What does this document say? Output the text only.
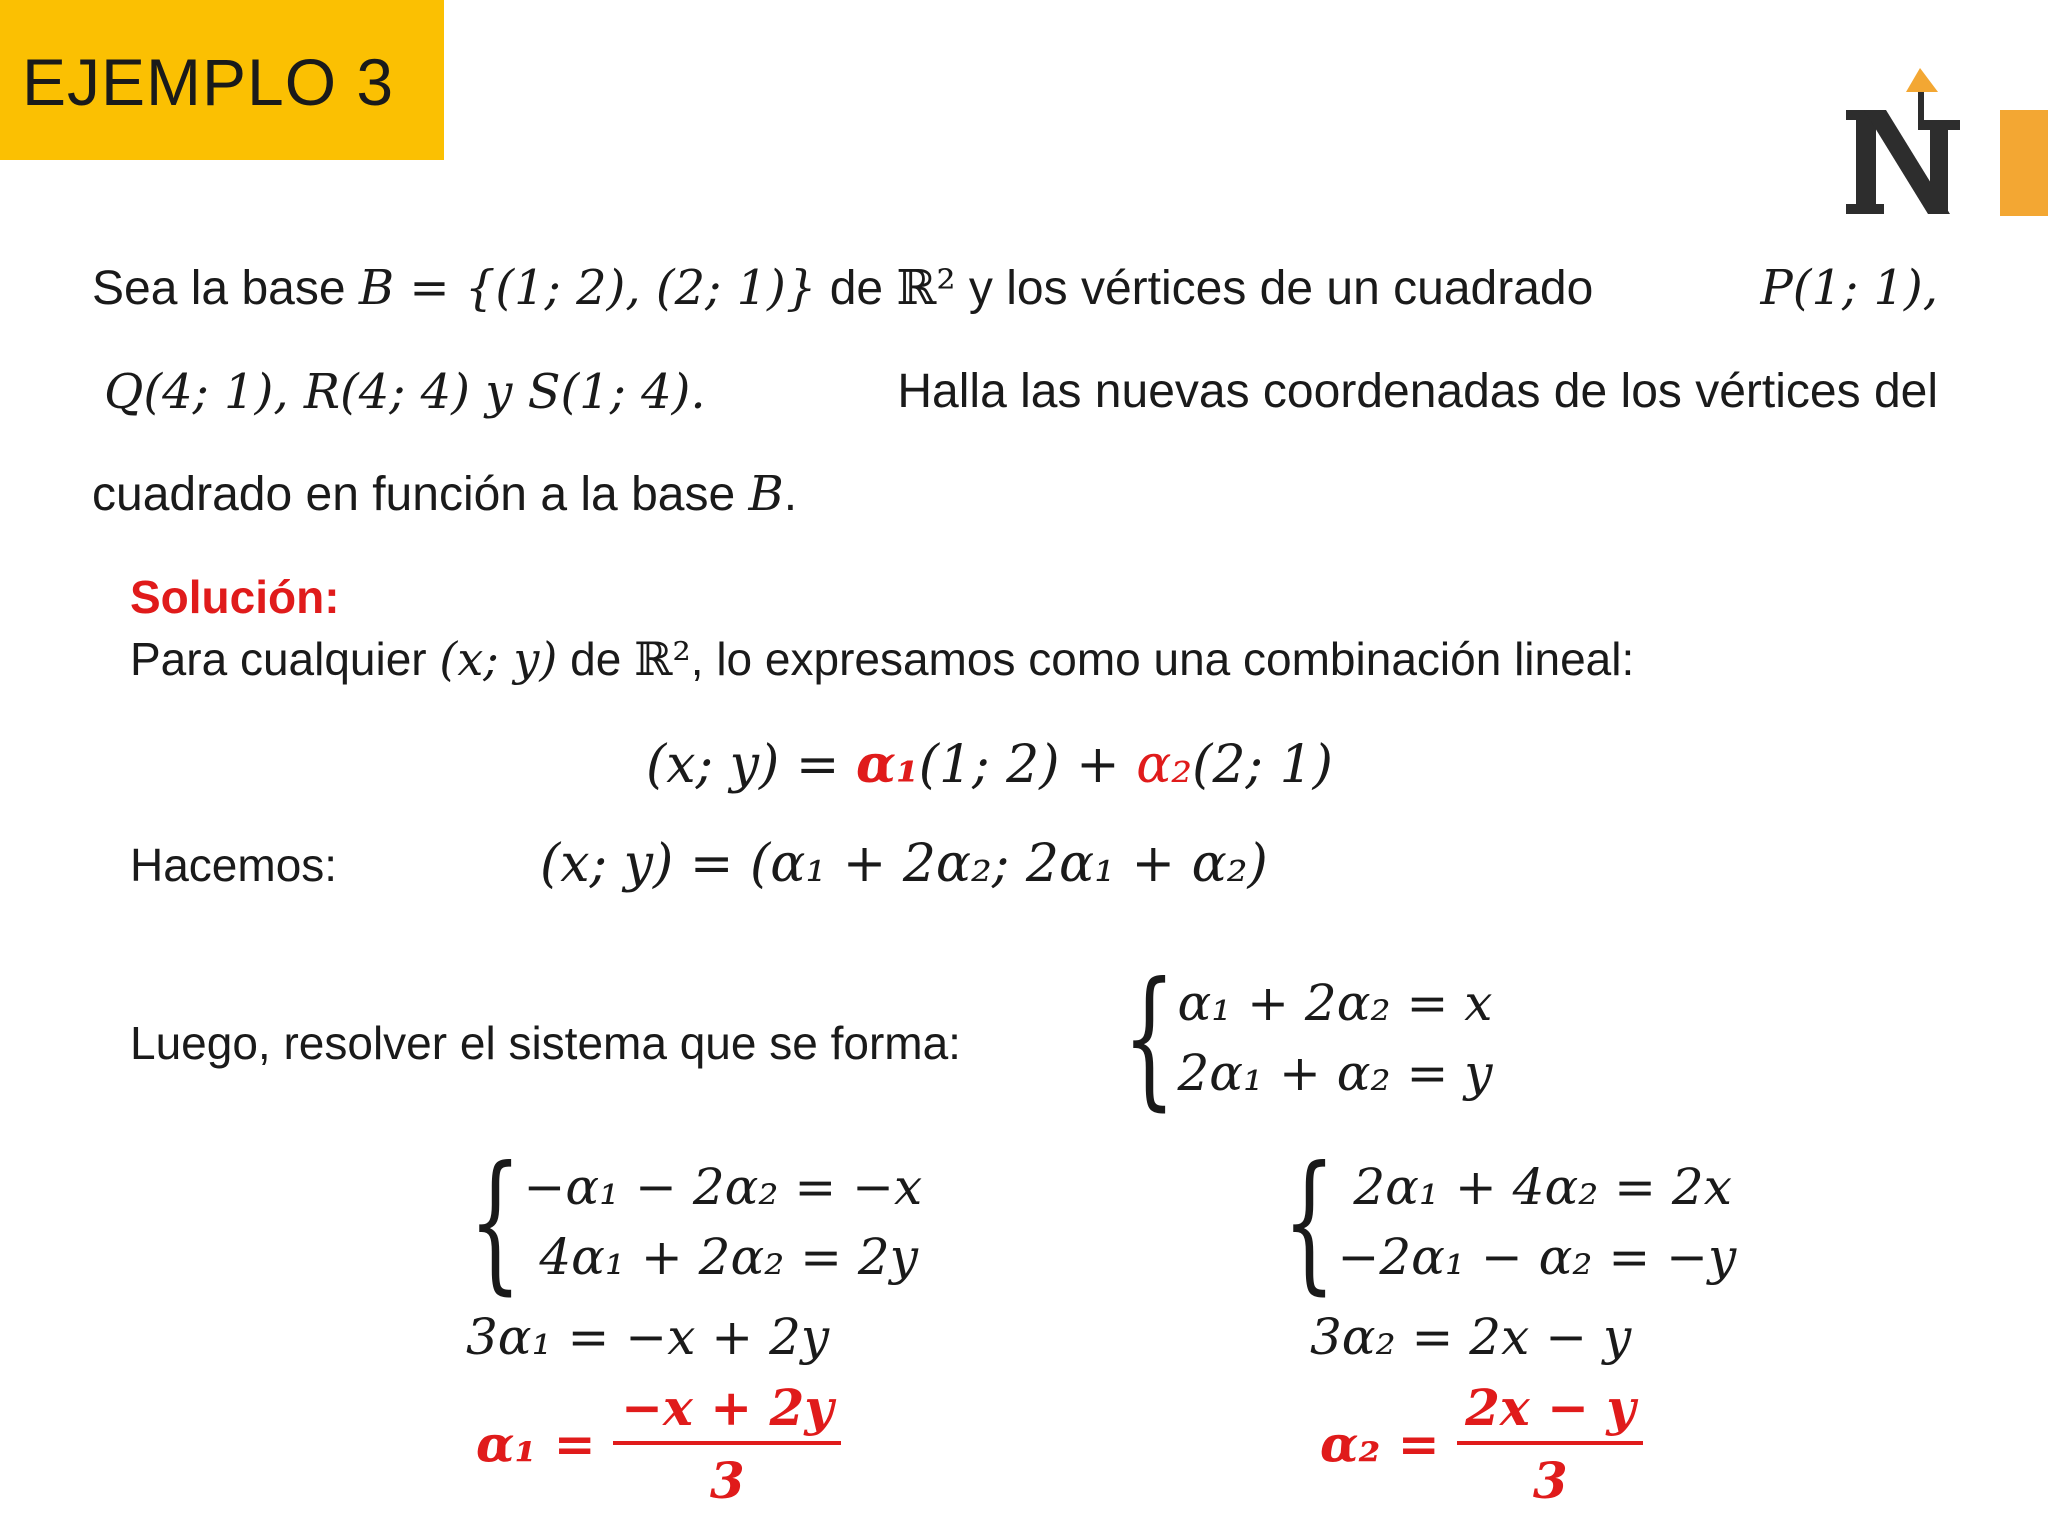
EJEMPLO 3
Sea la base B = {(1; 2), (2; 1)} de ℝ² y los vértices de un cuadrado	P(1; 1),
Q(4; 1), R(4; 4) y S(1; 4).	Halla las nuevas coordenadas de los vértices del
cuadrado en función a la base B.
Solución:
Para cualquier (x; y) de ℝ², lo expresamos como una combinación lineal:
(x; y) = α₁(1; 2) + α₂(2; 1)
Hacemos:	(x; y) = (α₁ + 2α₂; 2α₁ + α₂)
Luego, resolver el sistema que se forma: { α₁ + 2α₂ = x
2α₁ + α₂ = y
{ −α₁ − 2α₂ = −x
4α₁ + 2α₂ = 2y
3α₁ = −x + 2y
$\alpha_1 = \frac{-x + 2y}{3}$
{ 2α₁ + 4α₂ = 2x
−2α₁ − α₂ = −y
3α₂ = 2x − y
$\alpha_2 = \frac{2x - y}{3}$
